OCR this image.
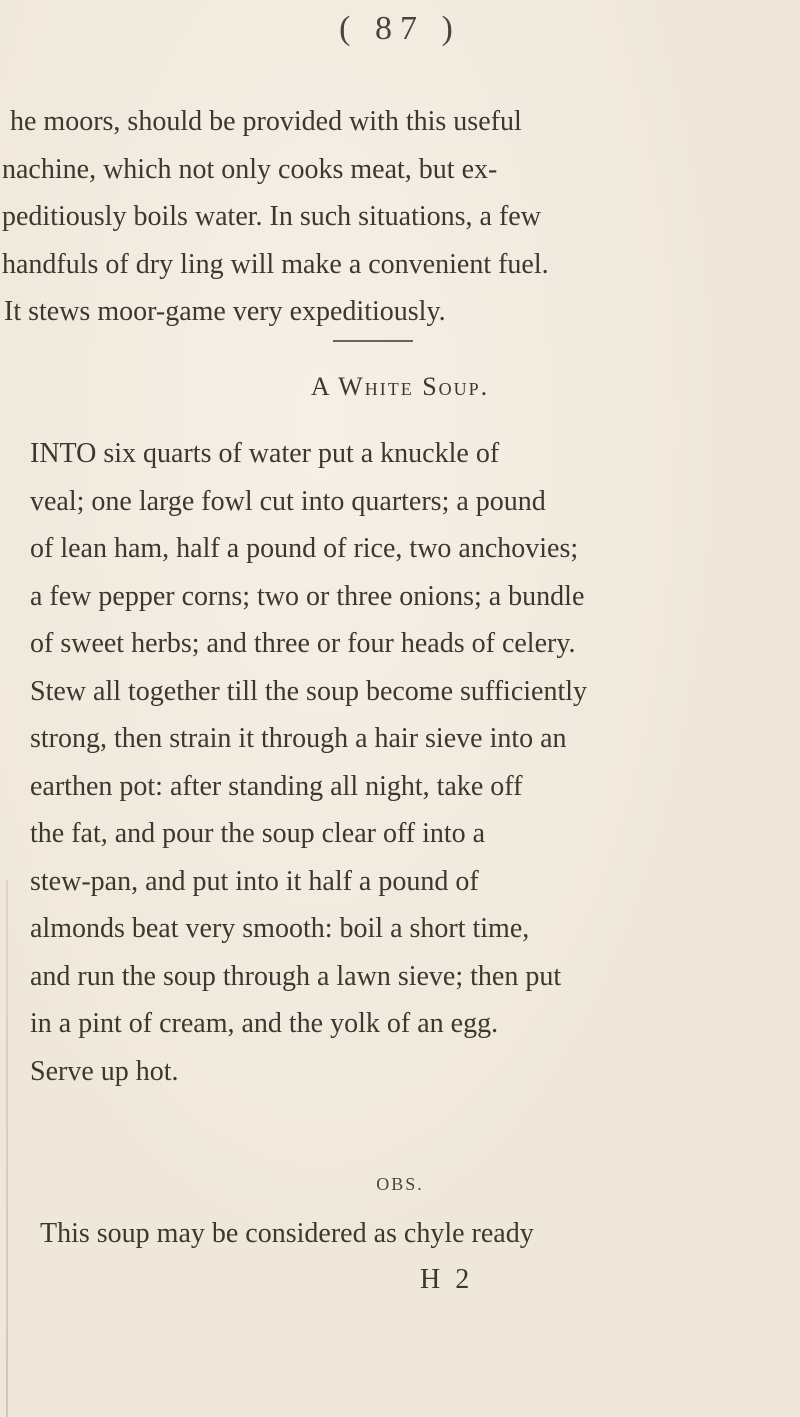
( 87 )
he moors, should be provided with this useful
nachine, which not only cooks meat, but ex-
peditiously boils water. In such situations, a few
handfuls of dry ling will make a convenient fuel.
It stews moor-game very expeditiously.
A White Soup.
INTO six quarts of water put a knuckle of
veal; one large fowl cut into quarters; a pound
of lean ham, half a pound of rice, two anchovies;
a few pepper corns; two or three onions; a bundle
of sweet herbs; and three or four heads of celery.
Stew all together till the soup become sufficiently
strong, then strain it through a hair sieve into an
earthen pot: after standing all night, take off
the fat, and pour the soup clear off into a
stew-pan, and put into it half a pound of
almonds beat very smooth: boil a short time,
and run the soup through a lawn sieve; then put
in a pint of cream, and the yolk of an egg.
Serve up hot.
OBS.
This soup may be considered as chyle ready
H 2
